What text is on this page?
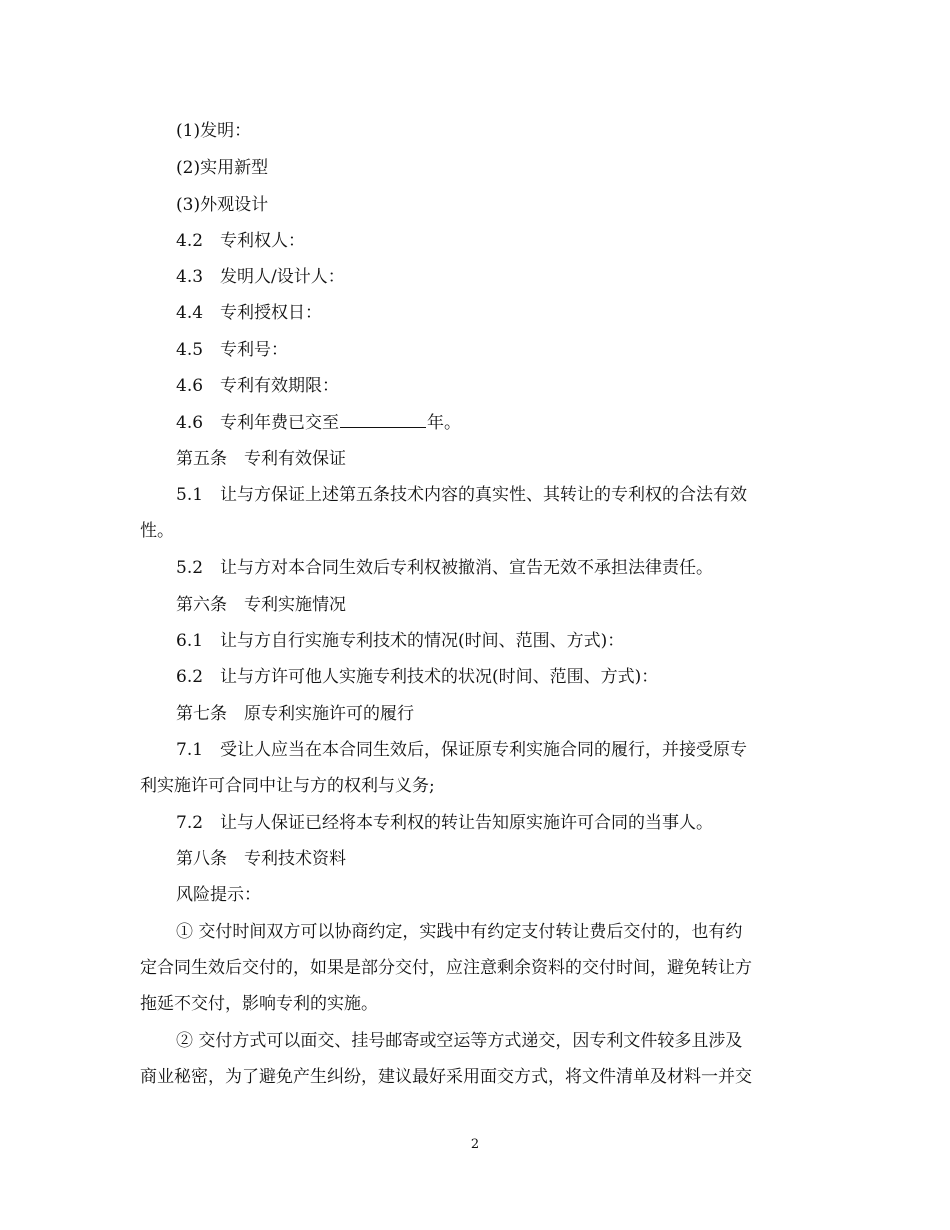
(1)发明：
(2)实用新型
(3)外观设计
4.2　专利权人：
4.3　发明人/设计人：
4.4　专利授权日：
4.5　专利号：
4.6　专利有效期限：
4.6　专利年费已交至	年。
第五条　专利有效保证
5.1　让与方保证上述第五条技术内容的真实性、其转让的专利权的合法有效
性。
5.2　让与方对本合同生效后专利权被撤消、宣告无效不承担法律责任。
第六条　专利实施情况
6.1　让与方自行实施专利技术的情况(时间、范围、方式)：
6.2　让与方许可他人实施专利技术的状况(时间、范围、方式)：
第七条　原专利实施许可的履行
7.1　受让人应当在本合同生效后，保证原专利实施合同的履行，并接受原专
利实施许可合同中让与方的权利与义务;
7.2　让与人保证已经将本专利权的转让告知原实施许可合同的当事人。
第八条　专利技术资料
风险提示：
① 交付时间双方可以协商约定，实践中有约定支付转让费后交付的，也有约
定合同生效后交付的，如果是部分交付，应注意剩余资料的交付时间，避免转让方
拖延不交付，影响专利的实施。
② 交付方式可以面交、挂号邮寄或空运等方式递交，因专利文件较多且涉及
商业秘密，为了避免产生纠纷，建议最好采用面交方式，将文件清单及材料一并交
2
